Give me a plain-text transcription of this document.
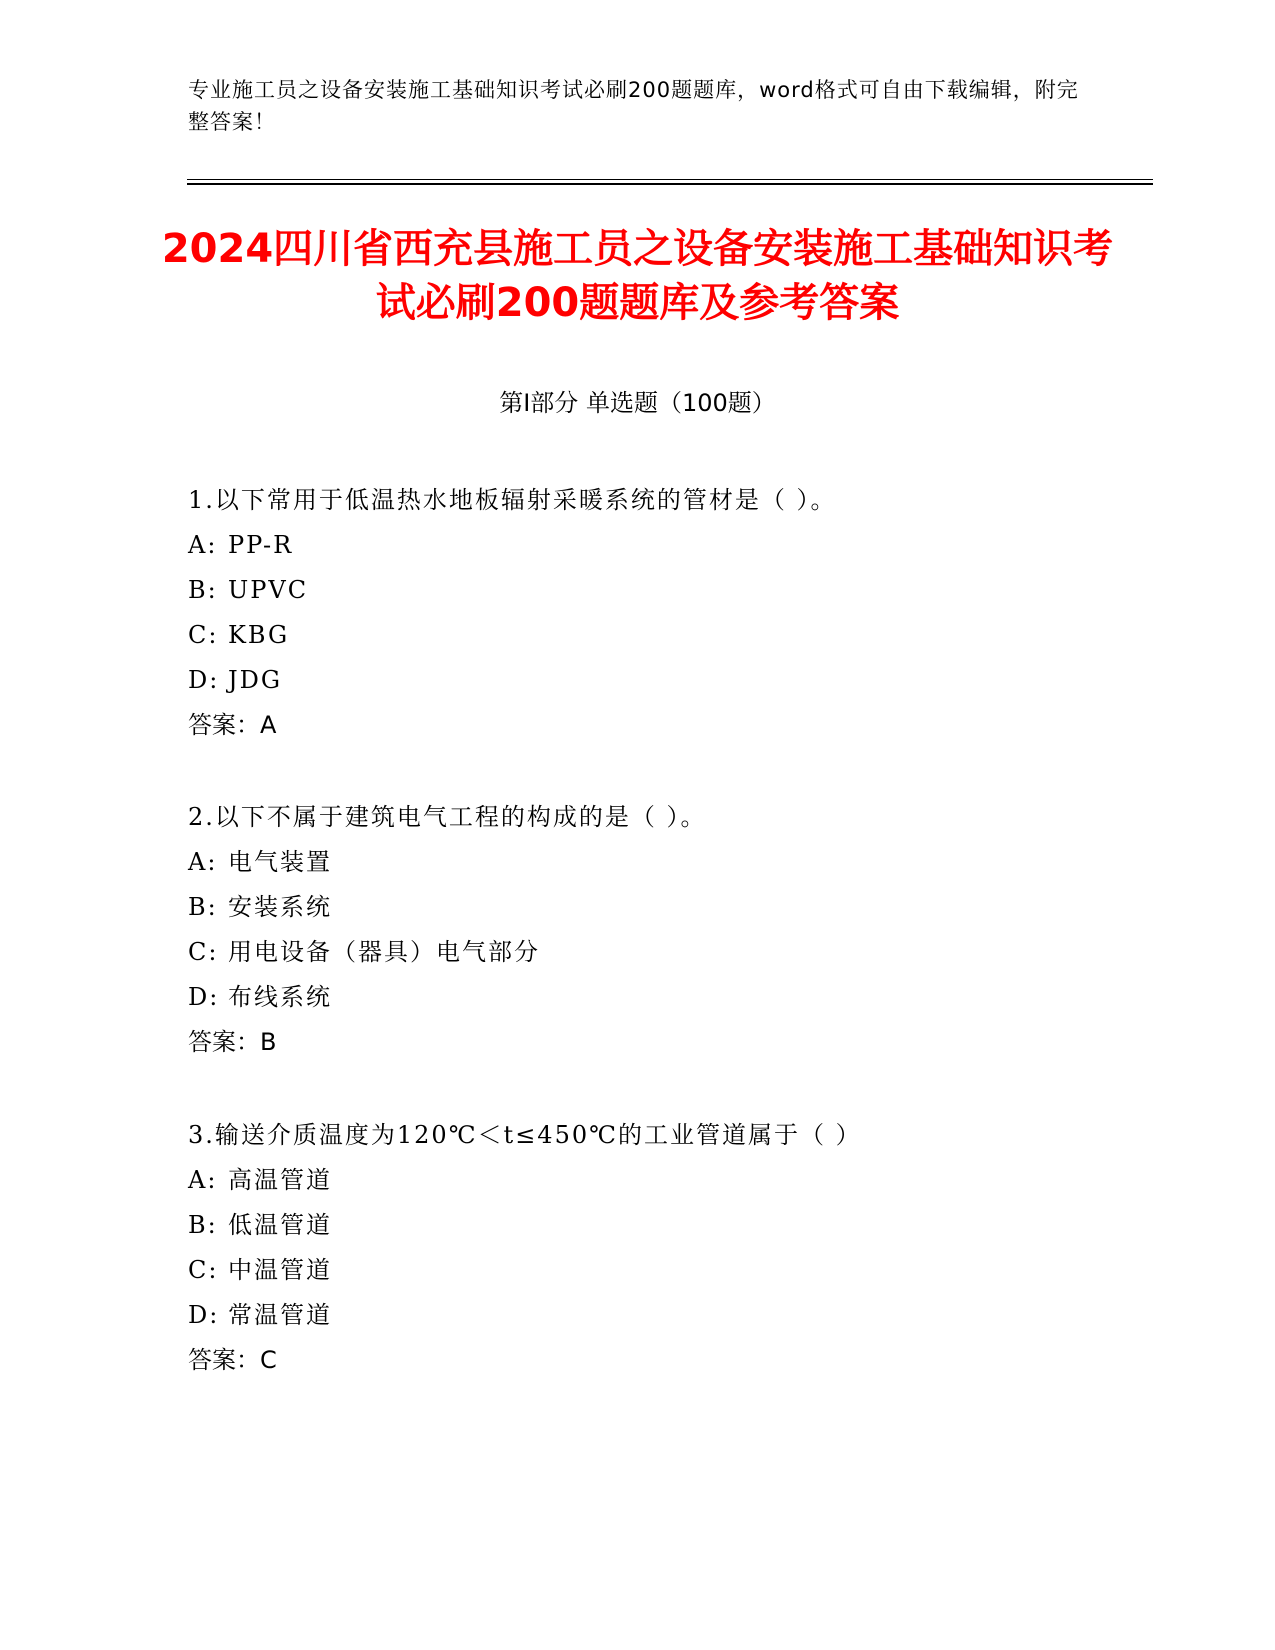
专业施工员之设备安装施工基础知识考试必刷200题题库，word格式可自由下载编辑，附完整答案！
2024四川省西充县施工员之设备安装施工基础知识考试必刷200题题库及参考答案
第Ⅰ部分 单选题（100题）
1.以下常用于低温热水地板辐射采暖系统的管材是（ ）。
A: PP-R
B: UPVC
C: KBG
D: JDG
答案：A
2.以下不属于建筑电气工程的构成的是（ ）。
A: 电气装置
B: 安装系统
C: 用电设备（器具）电气部分
D: 布线系统
答案：B
3.输送介质温度为120℃＜t≤450℃的工业管道属于（ ）
A: 高温管道
B: 低温管道
C: 中温管道
D: 常温管道
答案：C
